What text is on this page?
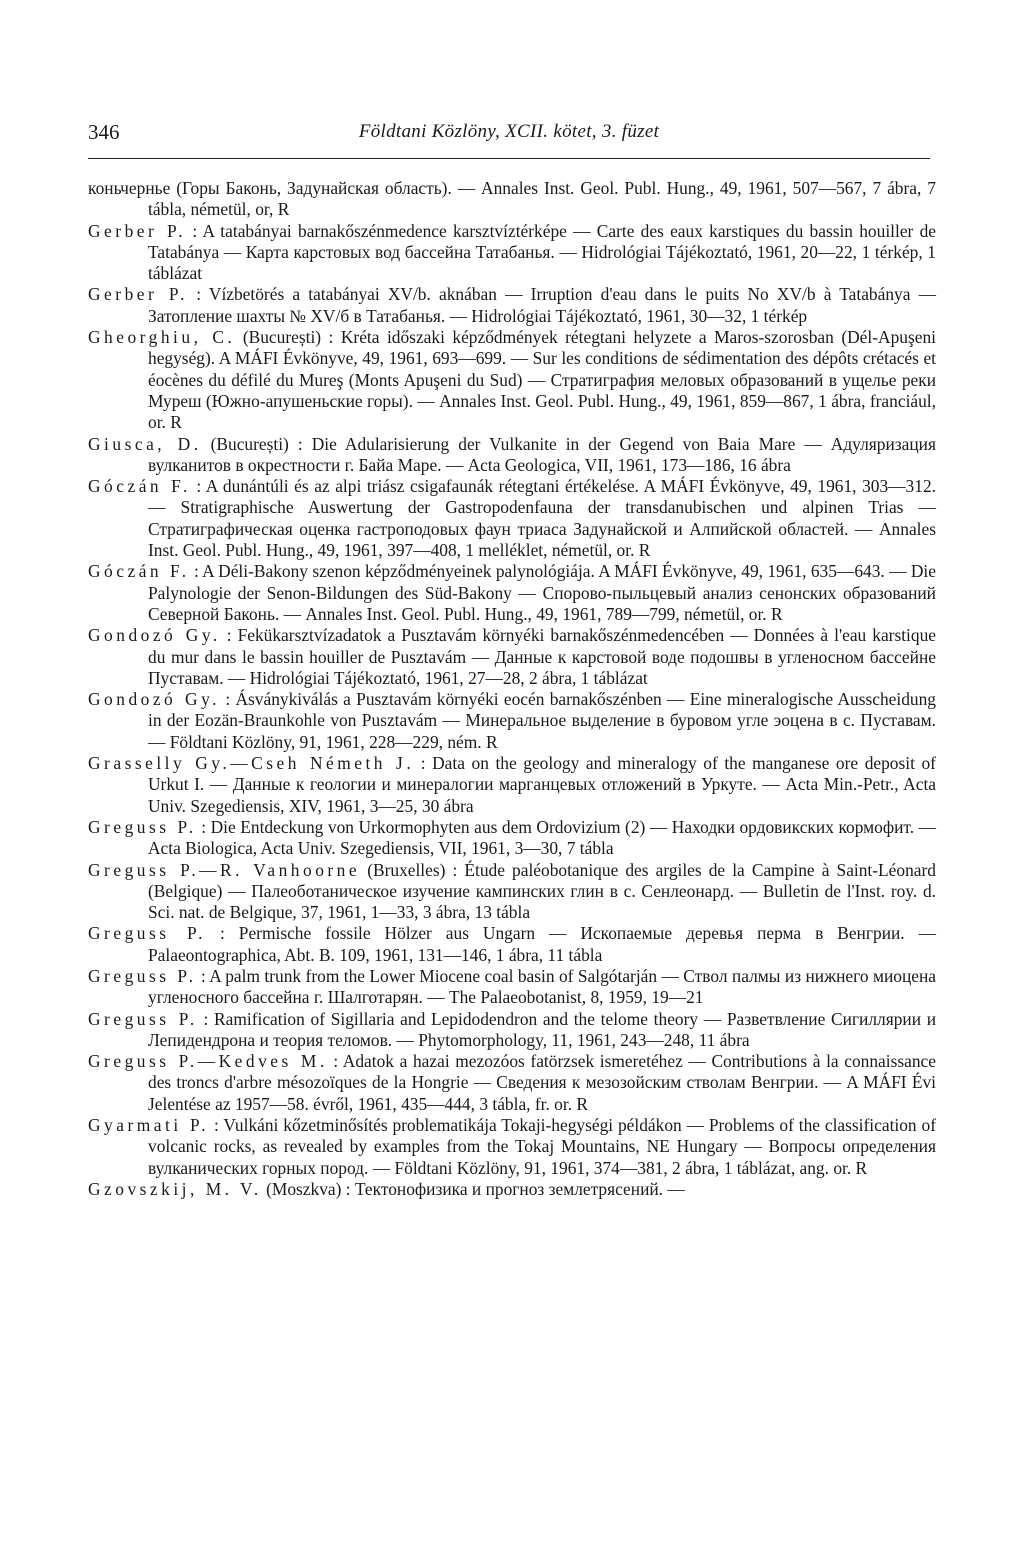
346	Földtani Közlöny, XCII. kötet, 3. füzet

коньчернье (Горы Баконь, Задунайская область). — Annales Inst. Geol. Publ. Hung., 49, 1961, 507—567, 7 ábra, 7 tábla, németül, or, R

Gerber P. : A tatabányai barnakőszénmedence karsztvíztérképe — Carte des eaux karstiques du bassin houiller de Tatabánya — Карта карстовых вод бассейна Татабанья. — Hidrológiai Tájékoztató, 1961, 20—22, 1 térkép, 1 táblázat

Gerber P. : Vízbetörés a tatabányai XV/b. aknában — Irruption d'eau dans le puits No XV/b à Tatabánya — Затопление шахты № XV/б в Татабанья. — Hidrológiai Tájékoztató, 1961, 30—32, 1 térkép

Gheorghiu, C. (București) : Kréta időszaki képződmények rétegtani helyzete a Maros-szorosban (Dél-Apuşeni hegység). A MÁFI Évkönyve, 49, 1961, 693—699. — Sur les conditions de sédimentation des dépôts crétacés et éocènes du défilé du Mureş (Monts Apuşeni du Sud) — Стратиграфия меловых образований в ущелье реки Муреш (Южно-апушеньские горы). — Annales Inst. Geol. Publ. Hung., 49, 1961, 859—867, 1 ábra, franciául, or. R

Giusca, D. (București) : Die Adularisierung der Vulkanite in der Gegend von Baia Mare — Адуляризация вулканитов в окрестности г. Байа Маре. — Acta Geologica, VII, 1961, 173—186, 16 ábra

Góczán F. : A dunántúli és az alpi triász csigafaunák rétegtani értékelése. A MÁFI Évkönyve, 49, 1961, 303—312. — Stratigraphische Auswertung der Gastropodenfauna der transdanubischen und alpinen Trias — Стратиграфическая оценка гастроподовых фаун триаса Задунайской и Алпийской областей. — Annales Inst. Geol. Publ. Hung., 49, 1961, 397—408, 1 melléklet, németül, or. R

Góczán F. : A Déli-Bakony szenon képződményeinek palynológiája. A MÁFI Évkönyve, 49, 1961, 635—643. — Die Palynologie der Senon-Bildungen des Süd-Bakony — Спорово-пыльцевый анализ сенонских образований Северной Баконь. — Annales Inst. Geol. Publ. Hung., 49, 1961, 789—799, németül, or. R

Gondozó Gy. : Fekükarsztvízadatok a Pusztavám környéki barnakőszénmedencében — Données à l'eau karstique du mur dans le bassin houiller de Pusztavám — Данные к карстовой воде подошвы в угленосном бассейне Пуставам. — Hidrológiai Tájékoztató, 1961, 27—28, 2 ábra, 1 táblázat

Gondozó Gy. : Ásványkiválás a Pusztavám környéki eocén barnakőszénben — Eine mineralogische Ausscheidung in der Eozän-Braunkohle von Pusztavám — Минеральное выделение в буровом угле эоцена в с. Пуставам. — Földtani Közlöny, 91, 1961, 228—229, ném. R

Grasselly Gy.—Cseh Németh J. : Data on the geology and mineralogy of the manganese ore deposit of Urkut I. — Данные к геологии и минералогии марганцевых отложений в Уркуте. — Acta Min.-Petr., Acta Univ. Szegediensis, XIV, 1961, 3—25, 30 ábra

Greguss P. : Die Entdeckung von Urkormophyten aus dem Ordovizium (2) — Находки ордовикских кормофит. — Acta Biologica, Acta Univ. Szegediensis, VII, 1961, 3—30, 7 tábla

Greguss P.—R. Vanhoorne (Bruxelles) : Étude paléobotanique des argiles de la Campine à Saint-Léonard (Belgique) — Палеоботаническое изучение кампинских глин в с. Сенлеонард. — Bulletin de l'Inst. roy. d. Sci. nat. de Belgique, 37, 1961, 1—33, 3 ábra, 13 tábla

Greguss P. : Permische fossile Hölzer aus Ungarn — Ископаемые деревья перма в Венгрии. — Palaeontographica, Abt. B. 109, 1961, 131—146, 1 ábra, 11 tábla

Greguss P. : A palm trunk from the Lower Miocene coal basin of Salgótarján — Ствол палмы из нижнего миоцена угленосного бассейна г. Шалготарян. — The Palaeobotanist, 8, 1959, 19—21

Greguss P. : Ramification of Sigillaria and Lepidodendron and the telome theory — Разветвление Сигиллярии и Лепидендрона и теория теломов. — Phytomorphology, 11, 1961, 243—248, 11 ábra

Greguss P.—Kedves M. : Adatok a hazai mezozóos fatörzsek ismeretéhez — Contributions à la connaissance des troncs d'arbre mésozoïques de la Hongrie — Сведения к мезозойским стволам Венгрии. — A MÁFI Évi Jelentése az 1957—58. évről, 1961, 435—444, 3 tábla, fr. or. R

Gyarmati P. : Vulkáni kőzetminősítés problematikája Tokaji-hegységi példákon — Problems of the classification of volcanic rocks, as revealed by examples from the Tokaj Mountains, NE Hungary — Вопросы определения вулканических горных пород. — Földtani Közlöny, 91, 1961, 374—381, 2 ábra, 1 táblázat, ang. or. R

Gzovszkij, M. V. (Moszkva) : Тектонофизика и прогноз землетрясений. —
